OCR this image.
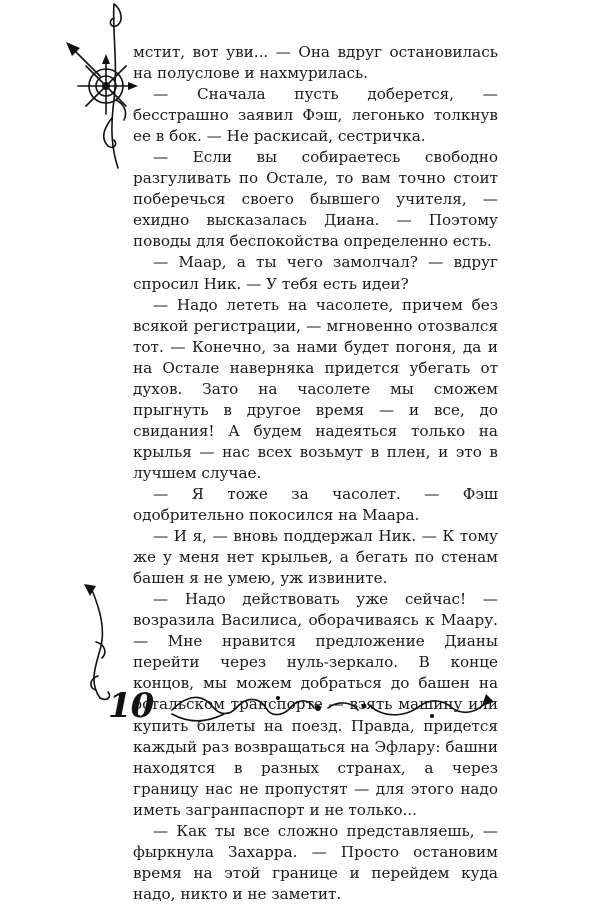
10

мстит, вот уви... — Она вдруг остановилась на полуслове и нахмурилась.

— Сначала пусть доберется, — бесстрашно заявил Фэш, легонько толкнув ее в бок. — Не раскисай, сестричка.

— Если вы собираетесь свободно разгуливать по Остале, то вам точно стоит поберечься своего бывшего учителя, — ехидно высказалась Диана. — Поэтому поводы для беспокойства определенно есть.

— Маар, а ты чего замолчал? — вдруг спросил Ник. — У тебя есть идеи?

— Надо лететь на часолете, причем без всякой регистрации, — мгновенно отозвался тот. — Конечно, за нами будет погоня, да и на Остале наверняка придется убегать от духов. Зато на часолете мы сможем прыгнуть в другое время — и все, до свидания! А будем надеяться только на крылья — нас всех возьмут в плен, и это в лучшем случае.

— Я тоже за часолет. — Фэш одобрительно покосился на Маара.

— И я, — вновь поддержал Ник. — К тому же у меня нет крыльев, а бегать по стенам башен я не умею, уж извините.

— Надо действовать уже сейчас! — возразила Василиса, оборачиваясь к Маару. — Мне нравится предложение Дианы перейти через нуль-зеркало. В конце концов, мы можем добраться до башен на остальском транспорте — взять машину или купить билеты на поезд. Правда, придется каждый раз возвращаться на Эфлару: башни находятся в разных странах, а через границу нас не пропустят — для этого надо иметь загранпаспорт и не только...

— Как ты все сложно представляешь, — фыркнула Захарра. — Просто остановим время на этой границе и перейдем куда надо, никто и не заметит.
